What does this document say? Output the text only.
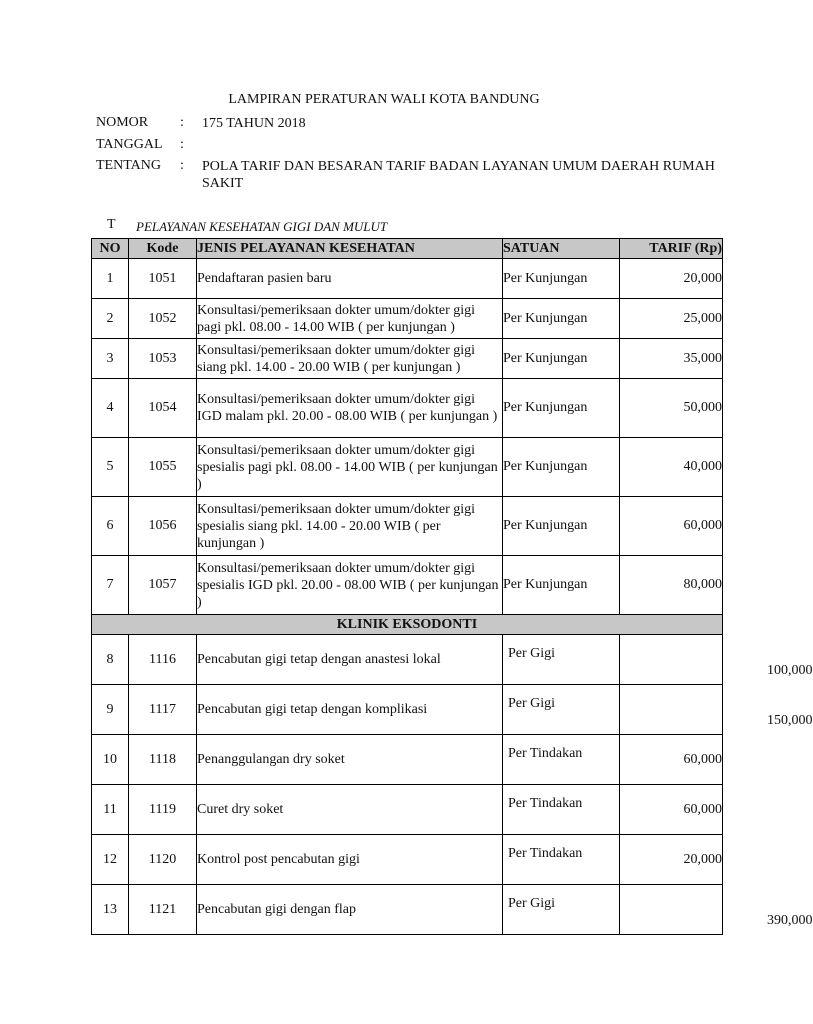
LAMPIRAN PERATURAN WALI KOTA BANDUNG
NOMOR	: 175 TAHUN 2018
TANGGAL	:
TENTANG	: POLA TARIF DAN BESARAN TARIF BADAN LAYANAN UMUM DAERAH RUMAH SAKIT
T PELAYANAN KESEHATAN GIGI DAN MULUT
NO	Kode	JENIS PELAYANAN KESEHATAN	SATUAN	TARIF (Rp)
1	1051	Pendaftaran pasien baru	Per Kunjungan	20,000
2	1052	Konsultasi/pemeriksaan dokter umum/dokter gigi pagi pkl. 08.00 - 14.00 WIB ( per kunjungan )	Per Kunjungan	25,000
3	1053	Konsultasi/pemeriksaan dokter umum/dokter gigi siang pkl. 14.00 - 20.00 WIB ( per kunjungan )	Per Kunjungan	35,000
4	1054	Konsultasi/pemeriksaan dokter umum/dokter gigi IGD malam pkl. 20.00 - 08.00 WIB ( per kunjungan )	Per Kunjungan	50,000
5	1055	Konsultasi/pemeriksaan dokter umum/dokter gigi spesialis pagi pkl. 08.00 - 14.00 WIB ( per kunjungan )	Per Kunjungan	40,000
6	1056	Konsultasi/pemeriksaan dokter umum/dokter gigi spesialis siang pkl. 14.00 - 20.00 WIB ( per kunjungan )	Per Kunjungan	60,000
7	1057	Konsultasi/pemeriksaan dokter umum/dokter gigi spesialis IGD pkl. 20.00 - 08.00 WIB ( per kunjungan )	Per Kunjungan	80,000
KLINIK EKSODONTI				
8	1116	Pencabutan gigi tetap dengan anastesi lokal	Per Gigi	100,000
9	1117	Pencabutan gigi tetap dengan komplikasi	Per Gigi	150,000
10	1118	Penanggulangan dry soket	Per Tindakan	60,000
11	1119	Curet dry soket	Per Tindakan	60,000
12	1120	Kontrol post pencabutan gigi	Per Tindakan	20,000
13	1121	Pencabutan gigi dengan flap	Per Gigi	390,000
